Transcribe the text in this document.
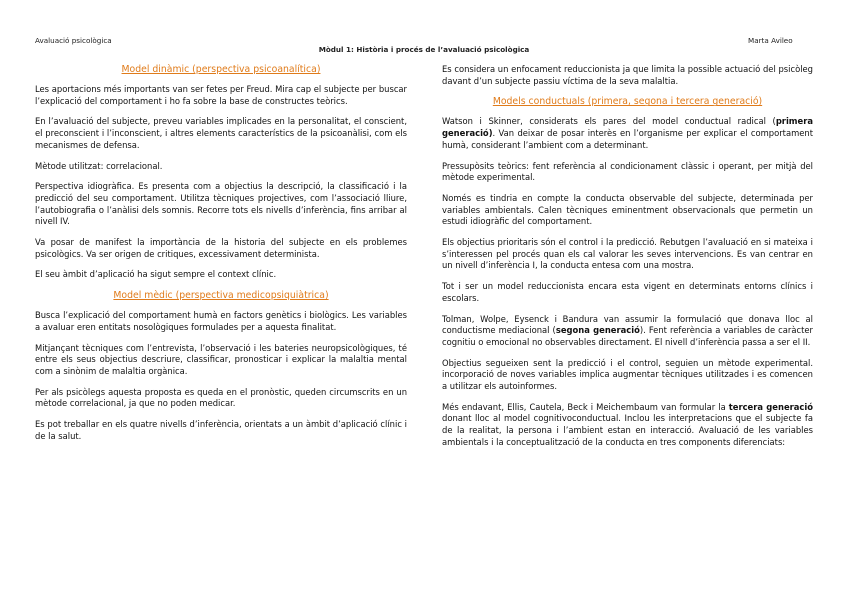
Avaluació psicològica	Marta Avileo
Mòdul 1: Història i procés de l’avaluació psicològica
Model dinàmic (perspectiva psicoanalítica)

Les aportacions més importants van ser fetes per Freud. Mira cap el subjecte per buscar l’explicació del comportament i ho fa sobre la base de constructes teòrics.

En l’avaluació del subjecte, preveu variables implicades en la personalitat, el conscient, el preconscient i l’inconscient, i altres elements característics de la psicoanàlisi, com els mecanismes de defensa.

Mètode utilitzat: correlacional.

Perspectiva idiogràfica. Es presenta com a objectius la descripció, la classificació i la predicció del seu comportament. Utilitza tècniques projectives, com l’associació lliure, l’autobiografia o l’anàlisi dels somnis. Recorre tots els nivells d’inferència, fins arribar al nivell IV.

Va posar de manifest la importància de la historia del subjecte en els problemes psicològics. Va ser origen de critiques, excessivament determinista.

El seu àmbit d’aplicació ha sigut sempre el context clínic.

Model mèdic (perspectiva medicopsiquiàtrica)

Busca l’explicació del comportament humà en factors genètics i biològics. Les variables a avaluar eren entitats nosològiques formulades per a aquesta finalitat.

Mitjançant tècniques com l’entrevista, l’observació i les bateries neuropsicològiques, té entre els seus objectius descriure, classificar, pronosticar i explicar la malaltia mental com a sinònim de malaltia orgànica.

Per als psicòlegs aquesta proposta es queda en el pronòstic, queden circumscrits en un mètode correlacional, ja que no poden medicar.

Es pot treballar en els quatre nivells d’inferència, orientats a un àmbit d’aplicació clínic i de la salut.

Es considera un enfocament reduccionista ja que limita la possible actuació del psicòleg davant d’un subjecte passiu víctima de la seva malaltia.

Models conductuals (primera, segona i tercera generació)

Watson i Skinner, considerats els pares del model conductual radical (primera generació). Van deixar de posar interès en l’organisme per explicar el comportament humà, considerant l’ambient com a determinant.

Pressupòsits teòrics: fent referència al condicionament clàssic i operant, per mitjà del mètode experimental.

Només es tindria en compte la conducta observable del subjecte, determinada per variables ambientals. Calen tècniques eminentment observacionals que permetin un estudi idiogràfic del comportament.

Els objectius prioritaris són el control i la predicció. Rebutgen l’avaluació en si mateixa i s’interessen pel procés quan els cal valorar les seves intervencions. Es van centrar en un nivell d’inferència I, la conducta entesa com una mostra.

Tot i ser un model reduccionista encara esta vigent en determinats entorns clínics i escolars.

Tolman, Wolpe, Eysenck i Bandura van assumir la formulació que donava lloc al conductisme mediacional (segona generació). Fent referència a variables de caràcter cognitiu o emocional no observables directament. El nivell d’inferència passa a ser el II.

Objectius segueixen sent la predicció i el control, seguien un mètode experimental. incorporació de noves variables implica augmentar tècniques utilitzades i es comencen a utilitzar els autoinformes.

Més endavant, Ellis, Cautela, Beck i Meichembaum van formular la tercera generació donant lloc al model cognitivoconductual. Inclou les interpretacions que el subjecte fa de la realitat, la persona i l’ambient estan en interacció. Avaluació de les variables ambientals i la conceptualització de la conducta en tres components diferenciats:
